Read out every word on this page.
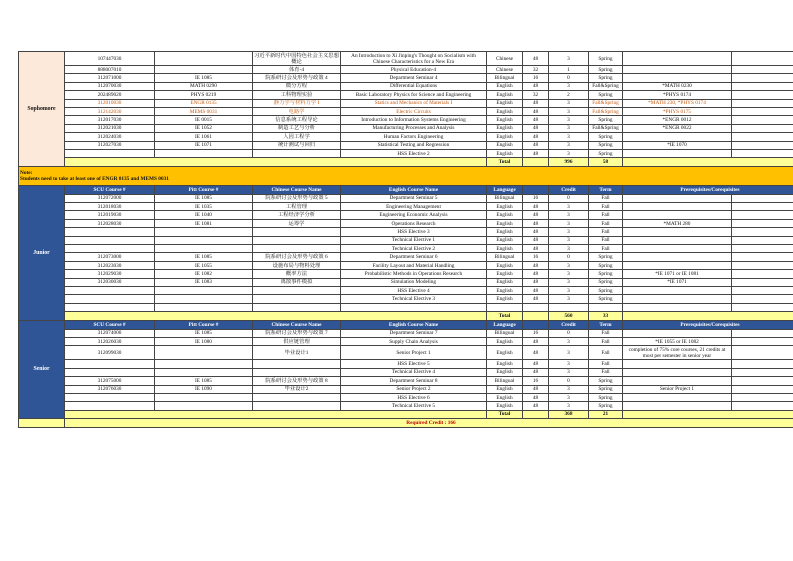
Sophomore	107447030		习近平新时代中国特色社会主义思想概论	An Introduction to Xi Jinping's Thought on Socialism with Chinese Characteristics for a New Era	Chinese	48	3	Spring		
	888007010		体育-4	Physical Education-4	Chinese	32	1	Spring		
	312071000	IE 1085	院系研讨会及形势与政策 4	Department Seminar 4	Bilingual	16	0	Spring		
	312070030	MATH 0290	微分方程	Differential Equations	English	48	3	Fall&Spring	*MATH 0230	
	202489020	PHYS 0219	工科物理实验	Basic Laboratory Physics for Science and Engineering	English	32	2	Spring	*PHYS 0174	
	312010030	ENGR 0135	静力学与材料力学 I	Statics and Mechanics of Materials I	English	48	3	Fall&Spring	*MATH 230, *PHYS 0174	
	312142030	MEMS 0031	电路学	Electric Circuits	English	48	3	Fall&Spring	*PHYS 0175	
	312017030	IE 0015	信息系统工程导论	Introduction to Information Systems Engineering	English	48	3	Spring	*ENGR 0012	
	312021030	IE 1052	制造工艺与分析	Manufacturing Processes and Analysis	English	48	3	Fall&Spring	*ENGR 0022	
	312024030	IE 1061	人因工程学	Human Factors Engineering	English	48	3	Spring		
	312027030	IE 1071	统计测试与回归	Statistical Testing and Regression	English	48	3	Spring	*IE 1070	
				HSS Elective 2	English	48	3	Spring		
					Total		996	58		

Note:
Students need to take at least one of ENGR 0135 and MEMS 0031										

Junior	SCU Course #	Pitt Course #	Chinese Course Name	English Course Name	Language		Credit	Term	Prerequisites/Corequisites	
	312072000	IE 1085	院系研讨会及形势与政策 5	Department Seminar 5	Bilingual	16	0	Fall		
	312018030	IE 1035	工程管理	Engineering Management	English	48	3	Fall		
	312019030	IE 1040	工程经济学分析	Engineering Economic Analysis	English	48	3	Fall		
	312028030	IE 1081	运筹学	Operations Research	English	48	3	Fall	*MATH 280	
				HSS Elective 3	English	48	3	Fall		
				Technical Elective 1	English	48	3	Fall		
				Technical Elective 2	English	48	3	Fall		
	312073000	IE 1085	院系研讨会及形势与政策 6	Department Seminar 6	Bilingual	16	0	Spring		
	312023030	IE 1055	设施布局与物料处理	Facility Layout and Material Handling	English	48	3	Spring		
	312029030	IE 1082	概率方法	Probabilistic Methods in Operations Research	English	48	3	Spring	*IE 1071 or IE 1081	
	312030030	IE 1083	离散事件模拟	Simulation Modeling	English	48	3	Spring	*IE 1071	
				HSS Elective 4	English	48	3	Spring		
				Technical Elective 3	English	48	3	Spring		

					Total		560	33		
Senior	SCU Course #	Pitt Course #	Chinese Course Name	English Course Name	Language		Credit	Term	Prerequisites/Corequisites	
	312074000	IE 1085	院系研讨会及形势与政策 7	Department Seminar 7	Bilingual	16	0	Fall		
	312026030	IE 1080	供应链管理	Supply Chain Analysis	English	48	3	Fall	*IE 1055 or IE 1082	
	312099030		毕业设计1	Senior Project 1	English	48	3	Fall	completion of 75% core courses, 21 credits at most per semester in senior year	
				HSS Elective 5	English	48	3	Fall		
				Technical Elective 4	English	48	3	Fall		
	312075000	IE 1085	院系研讨会及形势与政策 8	Department Seminar 8	Bilingual	16	0	Spring		
	312076030	IE 1090	毕业设计2	Senior Project 2	English	48	3	Spring	Senior Project 1	
				HSS Elective 6	English	48	3	Spring		
				Technical Elective 5	English	48	3	Spring		
					Total		368	21		
	Required Credit : 166									
